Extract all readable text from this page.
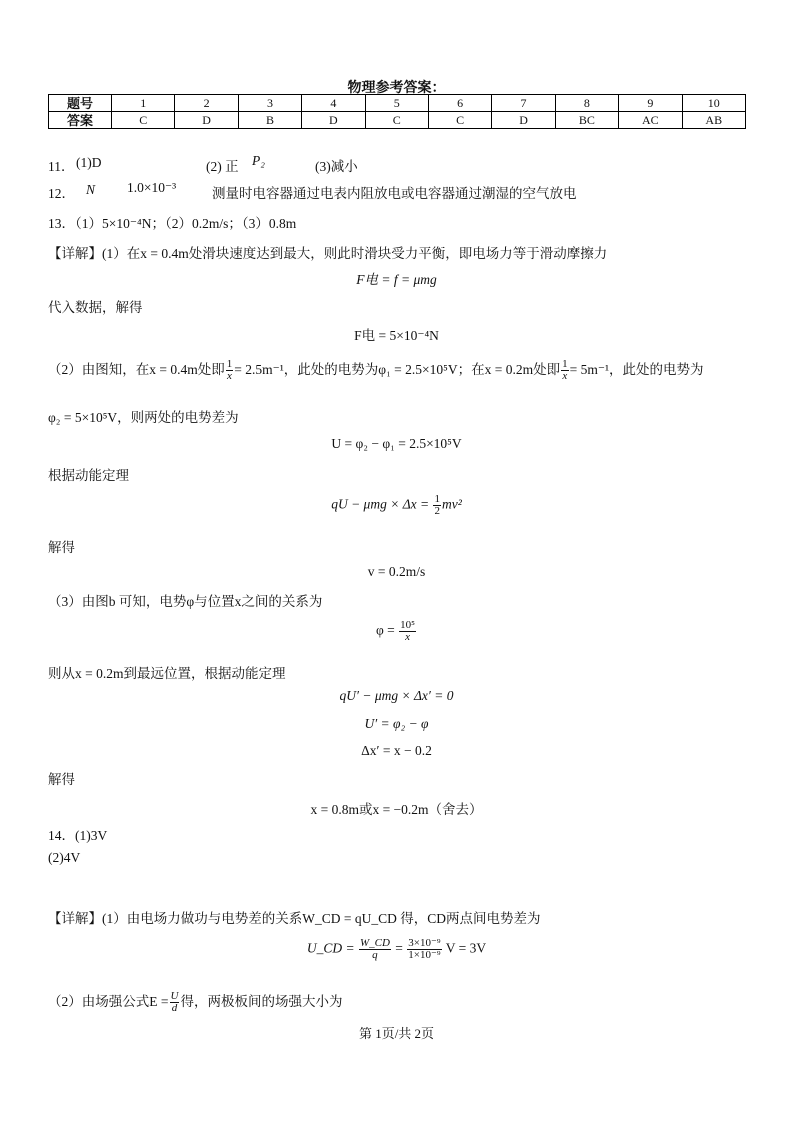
物理参考答案：
题号	1	2	3	4	5	6	7	8	9	10
答案	C	D	B	D	C	C	D	BC	AC	AB
11． (1)D	(2) 正 P₂	(3)减小
12． N 1.0×10⁻³	测量时电容器通过电表内阻放电或电容器通过潮湿的空气放电
13．（1）5×10⁻⁴N；（2）0.2m/s；（3）0.8m
【详解】(1）在x = 0.4m处滑块速度达到最大，则此时滑块受力平衡，即电场力等于滑动摩擦力
F电 = f = μmg
代入数据，解得
F电 = 5×10⁻⁴N
（2）由图知，在x = 0.4m处即 $\frac{1}{x} = 2.5m^{-1}$，此处的电势为φ₁ = 2.5×10⁵V；在x = 0.2m处即 $\frac{1}{x} = 5m^{-1}$，此处的电势为
φ₂ = 5×10⁵V，则两处的电势差为
U = φ₂ − φ₁ = 2.5×10⁵V
根据动能定理
qU − $\mu mg \times \Delta x = \frac{1}{2} mv^2$
解得
v = 0.2m/s
（3）由图b 可知，电势φ与位置x之间的关系为
$\varphi = \frac{\text{10⁵}}{x}$
则从x = 0.2m到最远位置，根据动能定理
qU′ − μmg × Δx′ = 0
U′ = φ₂ − φ
Δx′ = x − 0.2
解得
x = 0.8m或x = −0.2m（舍去）
14．(1)3V
(2)4V
【详解】(1）由电场力做功与电势差的关系W_CD = qU_CD 得，CD两点间电势差为
U_CD = $\frac{W\_CD}{q} = \frac{\text{3×10⁻⁹}}{\text{1×10⁻⁹}}$ V = 3V
（2）由场强公式$E = \frac{U}{d}$ 得，两极板间的场强大小为
第 1页/共 2页
